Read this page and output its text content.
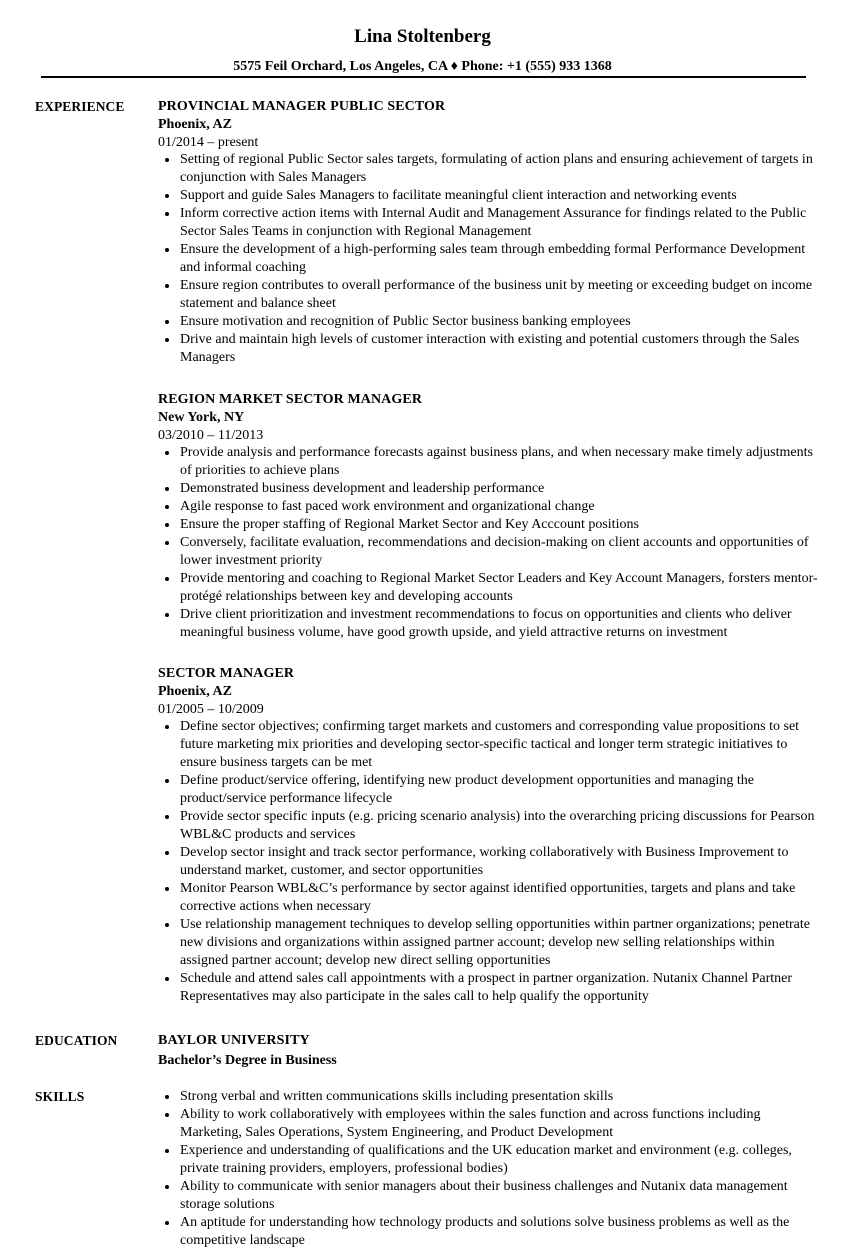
Lina Stoltenberg
5575 Feil Orchard, Los Angeles, CA ♦ Phone: +1 (555) 933 1368
EXPERIENCE PROVINCIAL MANAGER PUBLIC SECTOR
Phoenix, AZ
01/2014 – present
Setting of regional Public Sector sales targets, formulating of action plans and ensuring achievement of targets in conjunction with Sales Managers
Support and guide Sales Managers to facilitate meaningful client interaction and networking events
Inform corrective action items with Internal Audit and Management Assurance for findings related to the Public Sector Sales Teams in conjunction with Regional Management
Ensure the development of a high-performing sales team through embedding formal Performance Development and informal coaching
Ensure region contributes to overall performance of the business unit by meeting or exceeding budget on income statement and balance sheet
Ensure motivation and recognition of Public Sector business banking employees
Drive and maintain high levels of customer interaction with existing and potential customers through the Sales Managers
REGION MARKET SECTOR MANAGER
New York, NY
03/2010 – 11/2013
Provide analysis and performance forecasts against business plans, and when necessary make timely adjustments of priorities to achieve plans
Demonstrated business development and leadership performance
Agile response to fast paced work environment and organizational change
Ensure the proper staffing of Regional Market Sector and Key Acccount positions
Conversely, facilitate evaluation, recommendations and decision-making on client accounts and opportunities of lower investment priority
Provide mentoring and coaching to Regional Market Sector Leaders and Key Account Managers, forsters mentor-protégé relationships between key and developing accounts
Drive client prioritization and investment recommendations to focus on opportunities and clients who deliver meaningful business volume, have good growth upside, and yield attractive returns on investment
SECTOR MANAGER
Phoenix, AZ
01/2005 – 10/2009
Define sector objectives; confirming target markets and customers and corresponding value propositions to set future marketing mix priorities and developing sector-specific tactical and longer term strategic initiatives to ensure business targets can be met
Define product/service offering, identifying new product development opportunities and managing the product/service performance lifecycle
Provide sector specific inputs (e.g. pricing scenario analysis) into the overarching pricing discussions for Pearson WBL&C products and services
Develop sector insight and track sector performance, working collaboratively with Business Improvement to understand market, customer, and sector opportunities
Monitor Pearson WBL&C’s performance by sector against identified opportunities, targets and plans and take corrective actions when necessary
Use relationship management techniques to develop selling opportunities within partner organizations; penetrate new divisions and organizations within assigned partner account; develop new selling relationships within assigned partner account; develop new direct selling opportunities
Schedule and attend sales call appointments with a prospect in partner organization. Nutanix Channel Partner Representatives may also participate in the sales call to help qualify the opportunity
EDUCATION	BAYLOR UNIVERSITY
Bachelor’s Degree in Business
SKILLS	Strong verbal and written communications skills including presentation skills
Ability to work collaboratively with employees within the sales function and across functions including Marketing, Sales Operations, System Engineering, and Product Development
Experience and understanding of qualifications and the UK education market and environment (e.g. colleges, private training providers, employers, professional bodies)
Ability to communicate with senior managers about their business challenges and Nutanix data management storage solutions
An aptitude for understanding how technology products and solutions solve business problems as well as the competitive landscape
